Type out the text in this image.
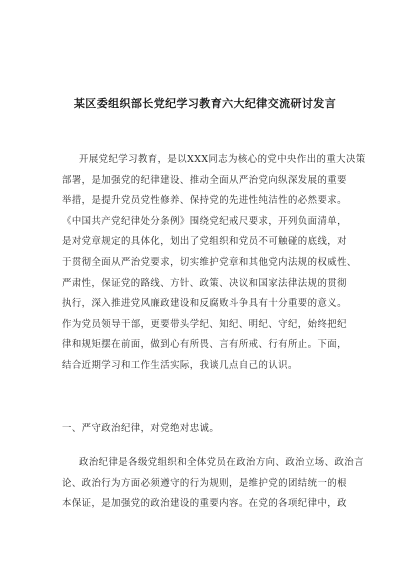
某区委组织部长党纪学习教育六大纪律交流研讨发言
开展党纪学习教育，是以XXX同志为核心的党中央作出的重大决策
部署，是加强党的纪律建设、推动全面从严治党向纵深发展的重要
举措，是提升党员党性修养、保持党的先进性纯洁性的必然要求。
《中国共产党纪律处分条例》围绕党纪戒尺要求，开列负面清单，
是对党章规定的具体化，划出了党组织和党员不可触碰的底线，对
于贯彻全面从严治党要求，切实维护党章和其他党内法规的权威性、
严肃性，保证党的路线、方针、政策、决议和国家法律法规的贯彻
执行，深入推进党风廉政建设和反腐败斗争具有十分重要的意义。
作为党员领导干部，更要带头学纪、知纪、明纪、守纪，始终把纪
律和规矩摆在前面，做到心有所畏、言有所戒、行有所止。下面，
结合近期学习和工作生活实际，我谈几点自己的认识。
一、严守政治纪律，对党绝对忠诚。
政治纪律是各级党组织和全体党员在政治方向、政治立场、政治言
论、政治行为方面必须遵守的行为规则，是维护党的团结统一的根
本保证，是加强党的政治建设的重要内容。在党的各项纪律中，政
